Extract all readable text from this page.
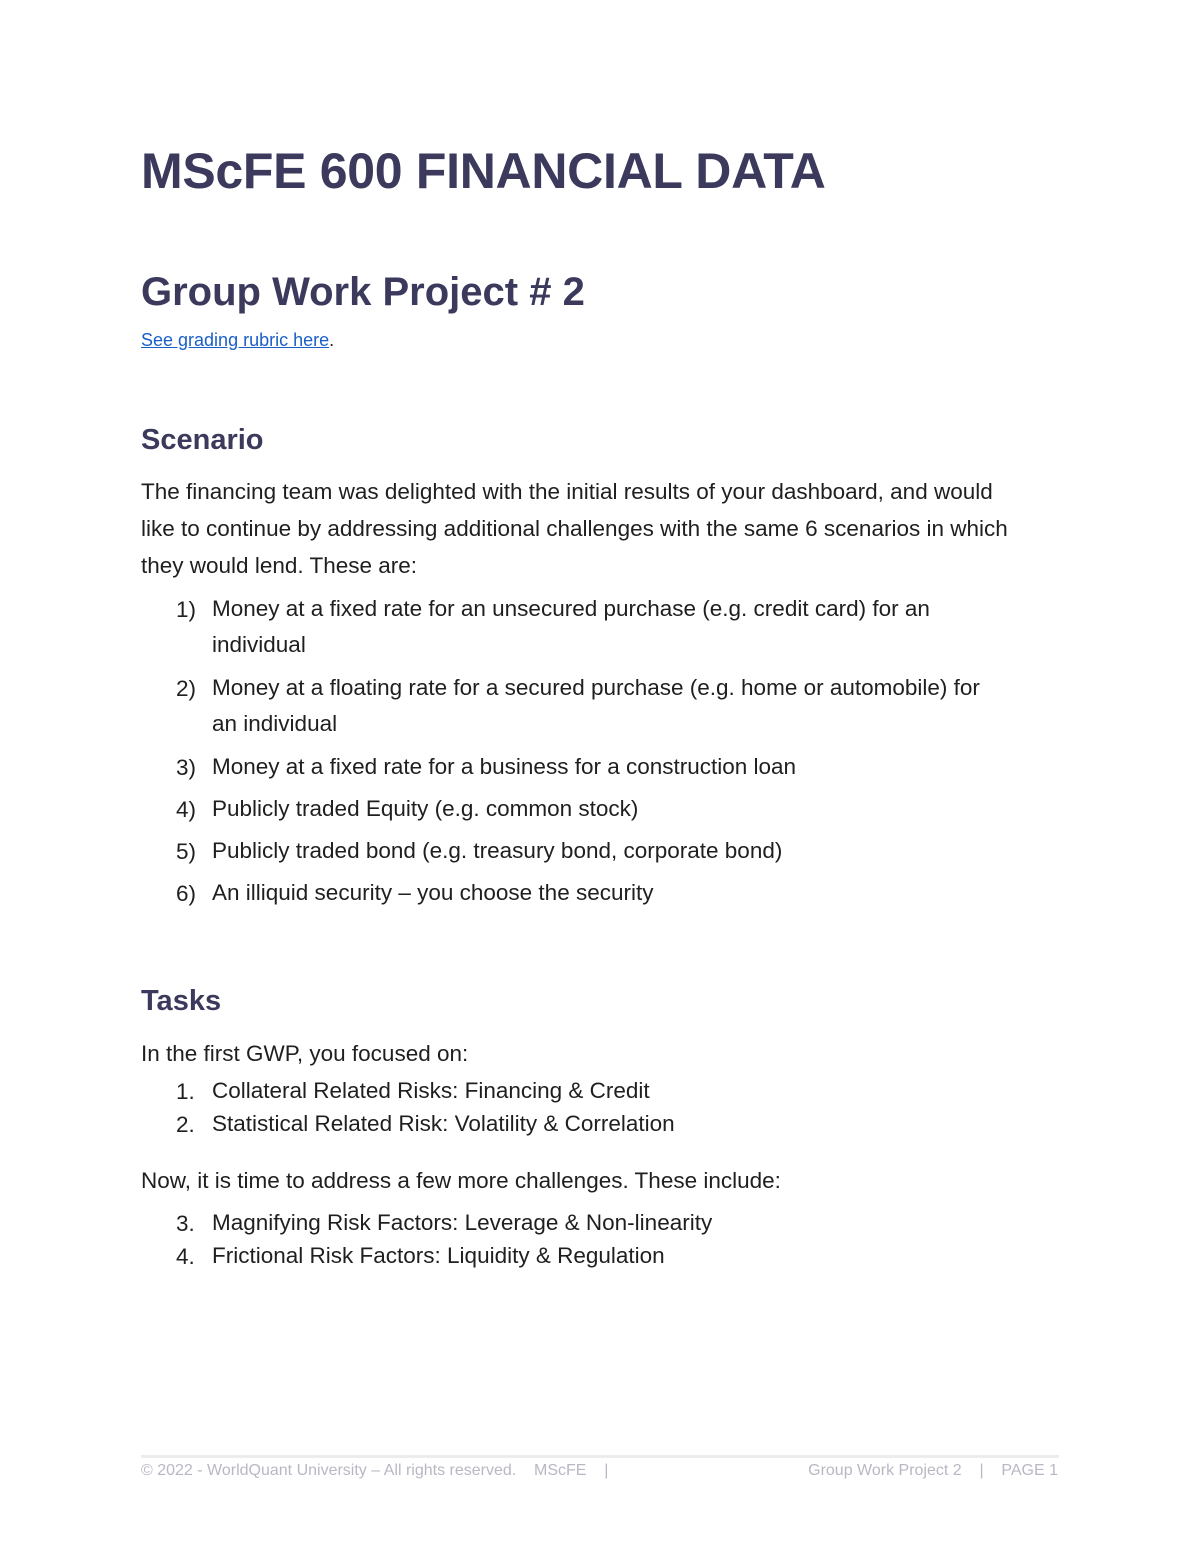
MScFE 600 FINANCIAL DATA
Group Work Project # 2
See grading rubric here.
Scenario
The financing team was delighted with the initial results of your dashboard, and would
like to continue by addressing additional challenges with the same 6 scenarios in which
they would lend. These are:
1) Money at a fixed rate for an unsecured purchase (e.g. credit card) for an
individual
2) Money at a floating rate for a secured purchase (e.g. home or automobile) for
an individual
3) Money at a fixed rate for a business for a construction loan
4) Publicly traded Equity (e.g. common stock)
5) Publicly traded bond (e.g. treasury bond, corporate bond)
6) An illiquid security – you choose the security
Tasks
In the first GWP, you focused on:
1. Collateral Related Risks: Financing & Credit
2. Statistical Related Risk: Volatility & Correlation
Now, it is time to address a few more challenges. These include:
3. Magnifying Risk Factors: Leverage & Non-linearity
4. Frictional Risk Factors: Liquidity & Regulation
© 2022 - WorldQuant University – All rights reserved.    MScFE    |	Group Work Project 2    |    PAGE 1
